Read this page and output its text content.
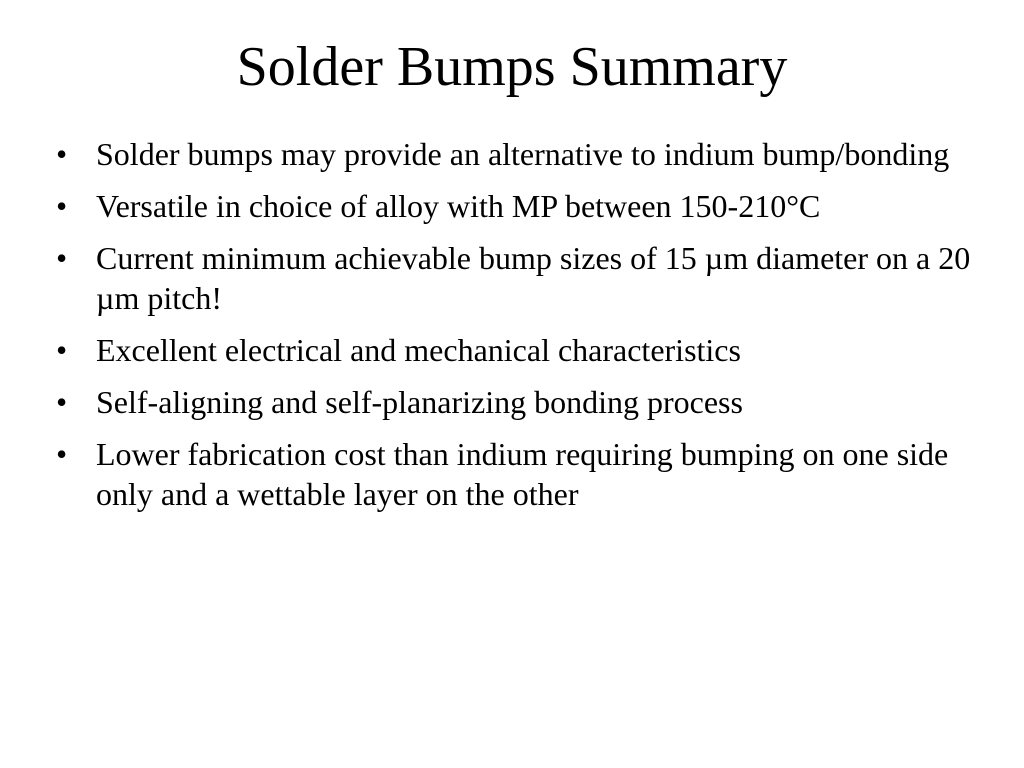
Solder Bumps Summary
• Solder bumps may provide an alternative to indium bump/bonding
• Versatile in choice of alloy with MP between 150-210°C
• Current minimum achievable bump sizes of 15 µm diameter on a 20 µm pitch!
• Excellent electrical and mechanical characteristics
• Self-aligning and self-planarizing bonding process
• Lower fabrication cost than indium requiring bumping on one side only and a wettable layer on the other
